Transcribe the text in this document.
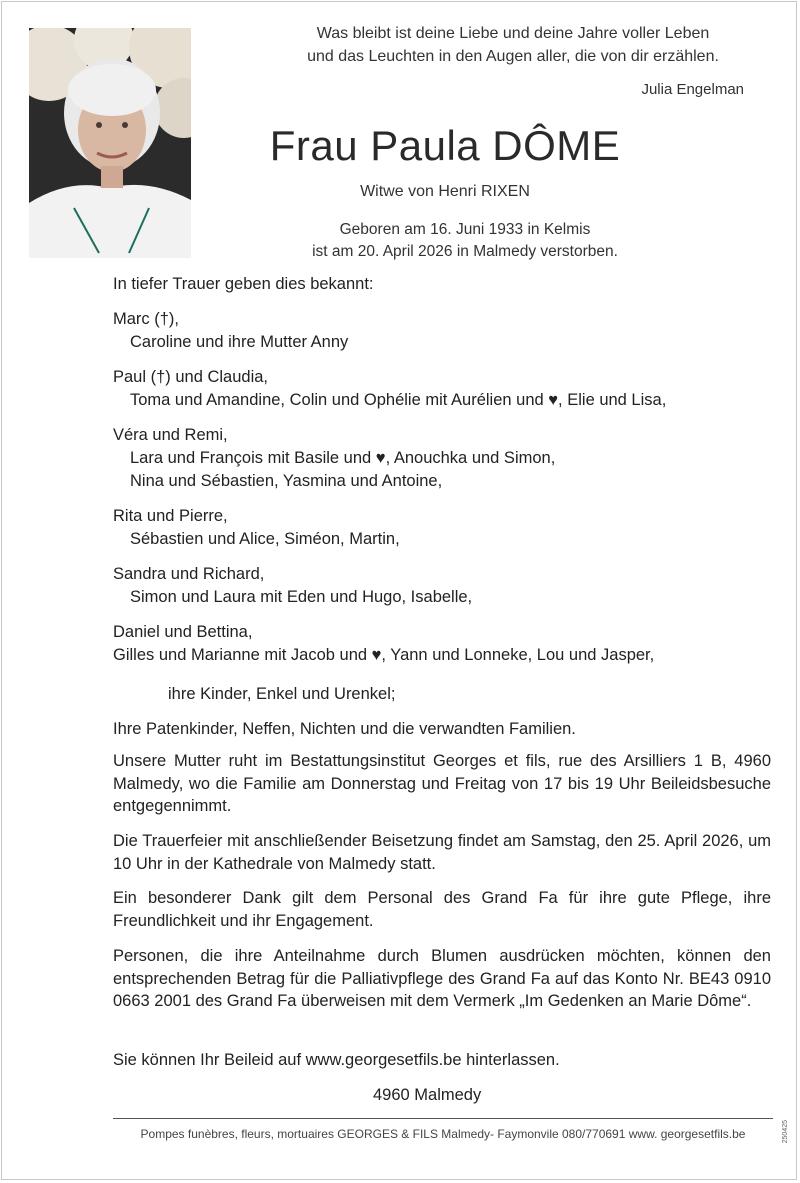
Was bleibt ist deine Liebe und deine Jahre voller Leben
und das Leuchten in den Augen aller, die von dir erzählen.
Julia Engelman
Frau Paula DÔME
Witwe von Henri RIXEN
Geboren am 16. Juni 1933 in Kelmis
ist am 20. April 2026 in Malmedy verstorben.
In tiefer Trauer geben dies bekannt:
Marc (†),
Caroline und ihre Mutter Anny
Paul (†) und Claudia,
Toma und Amandine, Colin und Ophélie mit Aurélien und ♥, Elie und Lisa,
Véra und Remi,
Lara und François mit Basile und ♥, Anouchka und Simon,
Nina und Sébastien, Yasmina und Antoine,
Rita und Pierre,
Sébastien und Alice, Siméon, Martin,
Sandra und Richard,
Simon und Laura mit Eden und Hugo, Isabelle,
Daniel und Bettina,
Gilles und Marianne mit Jacob und ♥, Yann und Lonneke, Lou und Jasper,
ihre Kinder, Enkel und Urenkel;
Ihre Patenkinder, Neffen, Nichten und die verwandten Familien.
Unsere Mutter ruht im Bestattungsinstitut Georges et fils, rue des Arsilliers 1 B, 4960 Malmedy, wo die Familie am Donnerstag und Freitag von 17 bis 19 Uhr Beileidsbesuche entgegennimmt.
Die Trauerfeier mit anschließender Beisetzung findet am Samstag, den 25. April 2026, um 10 Uhr in der Kathedrale von Malmedy statt.
Ein besonderer Dank gilt dem Personal des Grand Fa für ihre gute Pflege, ihre Freundlichkeit und ihr Engagement.
Personen, die ihre Anteilnahme durch Blumen ausdrücken möchten, können den entsprechenden Betrag für die Palliativpflege des Grand Fa auf das Konto Nr. BE43 0910 0663 2001 des Grand Fa überweisen mit dem Vermerk „Im Gedenken an Marie Dôme“.
Sie können Ihr Beileid auf www.georgesetfils.be hinterlassen.
4960 Malmedy
Pompes funèbres, fleurs, mortuaires GEORGES & FILS Malmedy- Faymonvile 080/770691 www. georgesetfils.be	250425
